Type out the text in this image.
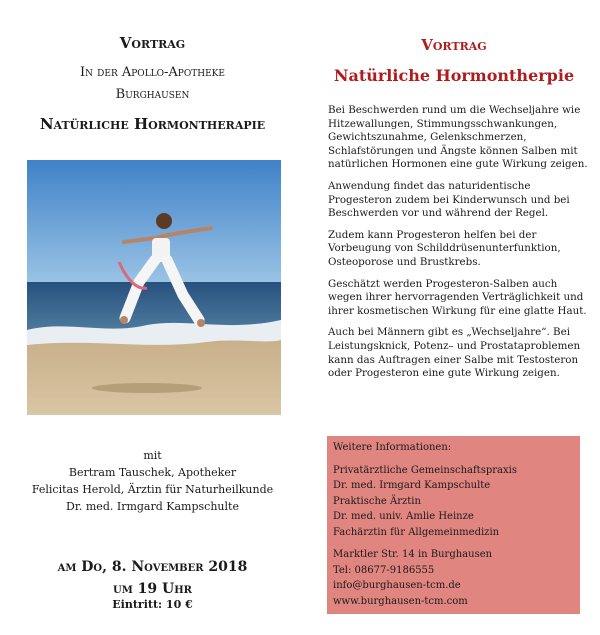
Vortrag
In der Apollo-Apotheke
Burghausen
Natürliche Hormontherapie
mit
Bertram Tauschek, Apotheker
Felicitas Herold, Ärztin für Naturheilkunde
Dr. med. Irmgard Kampschulte
am Do, 8. November 2018
um 19 Uhr
Eintritt: 10 €
Vortrag
Natürliche Hormontherpie

Bei Beschwerden rund um die Wechseljahre wie Hitzewallungen, Stimmungsschwankungen, Gewichtszunahme, Gelenkschmerzen, Schlafstörungen und Ängste können Salben mit natürlichen Hormonen eine gute Wirkung zeigen.

Anwendung findet das naturidentische Progesteron zudem bei Kinderwunsch und bei Beschwerden vor und während der Regel.

Zudem kann Progesteron helfen bei der Vorbeugung von Schilddrüsenunterfunktion, Osteoporose und Brustkrebs.

Geschätzt werden Progesteron-Salben auch wegen ihrer hervorragenden Verträglichkeit und ihrer kosmetischen Wirkung für eine glatte Haut.

Auch bei Männern gibt es „Wechseljahre“. Bei Leistungsknick, Potenz– und Prostataproblemen kann das Auftragen einer Salbe mit Testosteron oder Progesteron eine gute Wirkung zeigen.

Weitere Informationen:
Privatärztliche Gemeinschaftspraxis
Dr. med. Irmgard Kampschulte
Praktische Ärztin
Dr. med. univ. Amlie Heinze
Fachärztin für Allgemeinmedizin
Marktler Str. 14 in Burghausen
Tel: 08677-9186555
info@burghausen-tcm.de
www.burghausen-tcm.com
